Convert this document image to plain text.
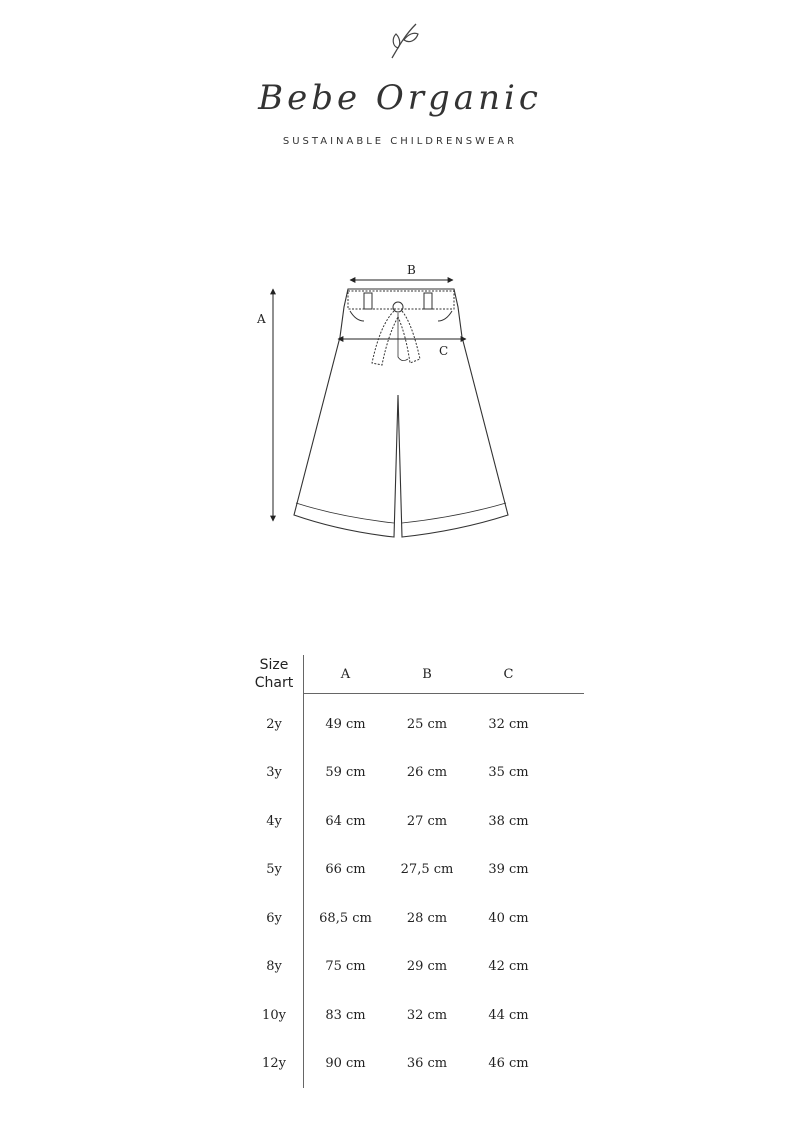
Bebe Organic
SUSTAINABLE CHILDRENSWEAR
A
B
C
Size
Chart	A	B	C	
2y	49 cm	25 cm	32 cm	
3y	59 cm	26 cm	35 cm	
4y	64 cm	27 cm	38 cm	
5y	66 cm	27,5 cm	39 cm	
6y	68,5 cm	28 cm	40 cm	
8y	75 cm	29 cm	42 cm	
10y	83 cm	32 cm	44 cm	
12y	90 cm	36 cm	46 cm	
